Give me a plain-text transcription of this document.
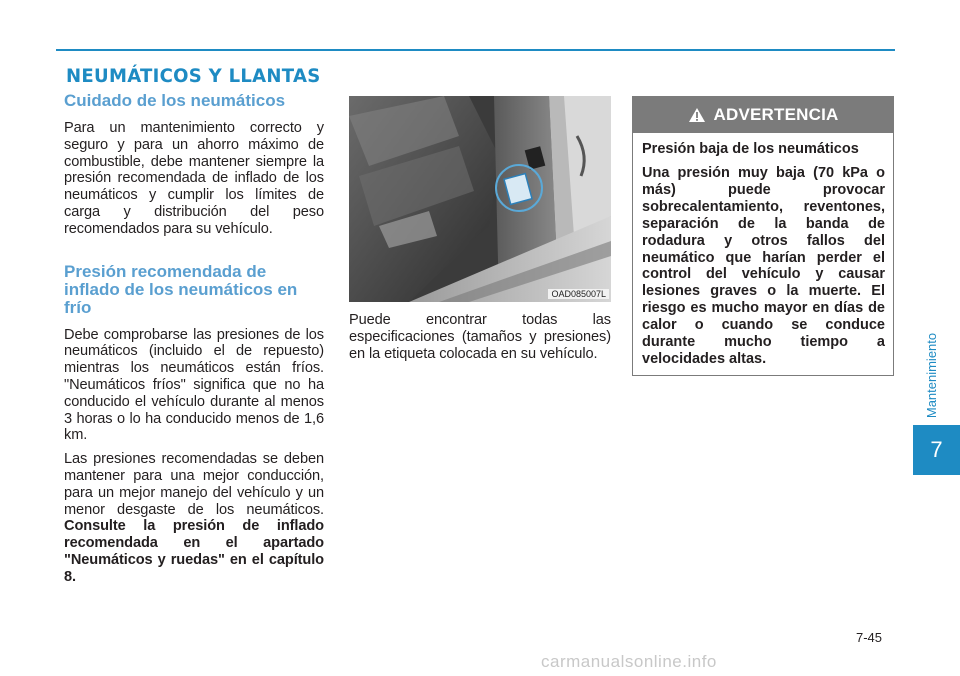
NEUMÁTICOS Y LLANTAS
Cuidado de los neumáticos

Para un mantenimiento correcto y seguro y para un ahorro máximo de combustible, debe mantener siempre la presión recomendada de inflado de los neumáticos y cumplir los límites de carga y distribución del peso recomendados para su vehículo.

Presión recomendada de inflado de los neumáticos en frío

Debe comprobarse las presiones de los neumáticos (incluido el de repuesto) mientras los neumáticos están fríos. "Neumáticos fríos" significa que no ha conducido el vehículo durante al menos 3 horas o lo ha conducido menos de 1,6 km.

Las presiones recomendadas se deben mantener para una mejor conducción, para un mejor manejo del vehículo y un menor desgaste de los neumáticos. Consulte la presión de inflado recomendada en el apartado "Neumáticos y ruedas" en el capítulo 8.

OAD085007L

Puede encontrar todas las especificaciones (tamaños y presiones) en la etiqueta colocada en su vehículo.

ADVERTENCIA

Presión baja de los neumáticos

Una presión muy baja (70 kPa o más) puede provocar sobrecalentamiento, reventones, separación de la banda de rodadura y otros fallos del neumático que harían perder el control del vehículo y causar lesiones graves o la muerte. El riesgo es mucho mayor en días de calor o cuando se conduce durante mucho tiempo a velocidades altas.	Mantenimiento
7
7-45
carmanualsonline.info
